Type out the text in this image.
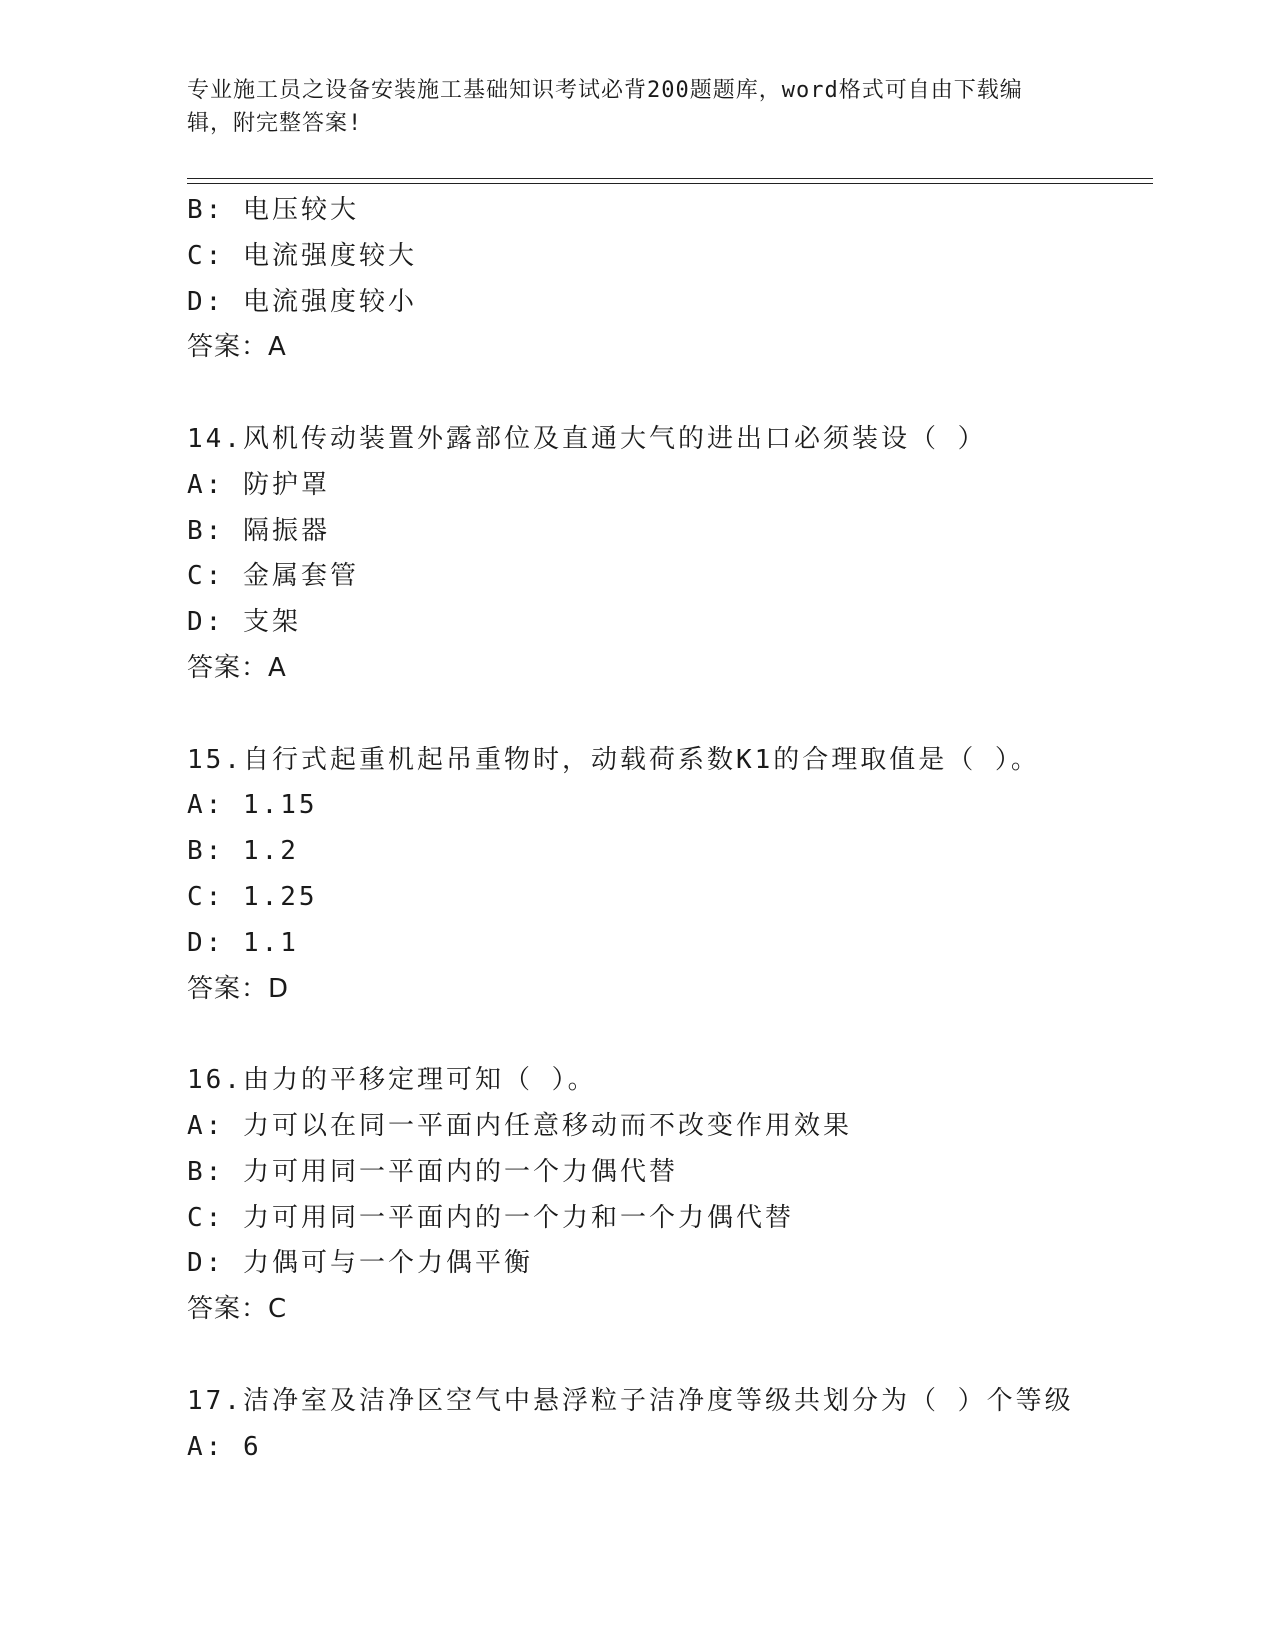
专业施工员之设备安装施工基础知识考试必背200题题库，word格式可自由下载编辑，附完整答案!
B: 电压较大
C: 电流强度较大
D: 电流强度较小
答案：A
14.风机传动装置外露部位及直通大气的进出口必须装设（ ）
A: 防护罩
B: 隔振器
C: 金属套管
D: 支架
答案：A
15.自行式起重机起吊重物时，动载荷系数K1的合理取值是（ ）。
A: 1.15
B: 1.2
C: 1.25
D: 1.1
答案：D
16.由力的平移定理可知（ ）。
A: 力可以在同一平面内任意移动而不改变作用效果
B: 力可用同一平面内的一个力偶代替
C: 力可用同一平面内的一个力和一个力偶代替
D: 力偶可与一个力偶平衡
答案：C
17.洁净室及洁净区空气中悬浮粒子洁净度等级共划分为（ ）个等级
A: 6
